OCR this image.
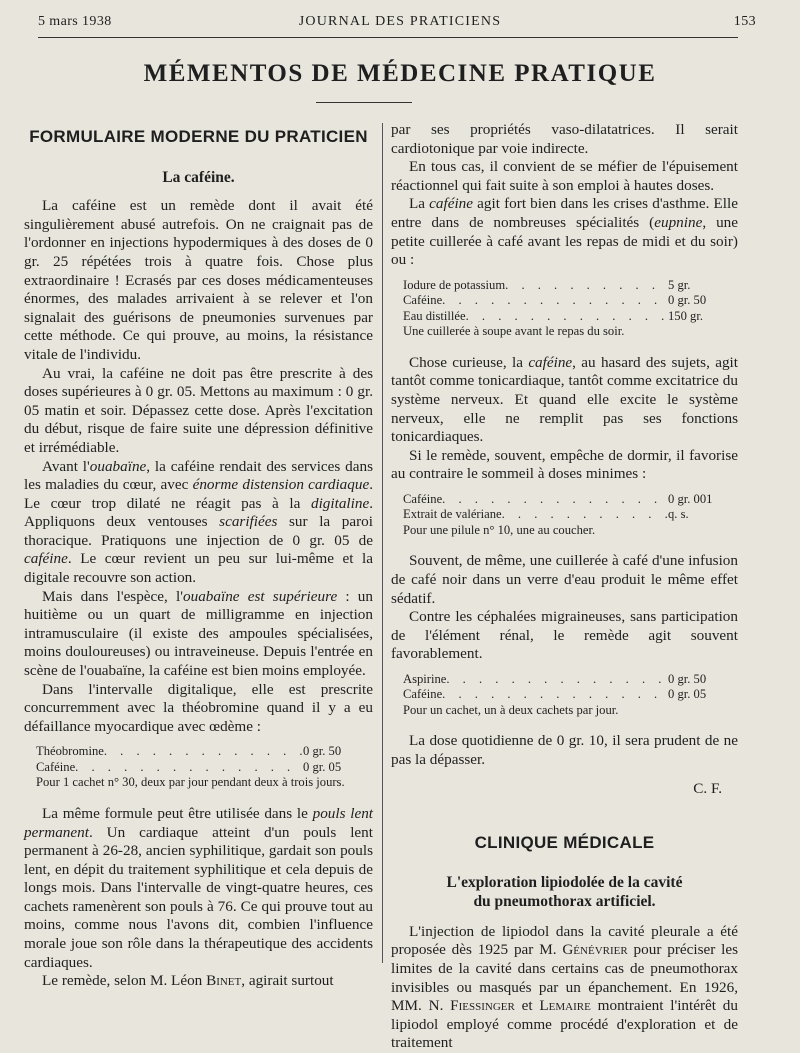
5 mars 1938	JOURNAL DES PRATICIENS	153
MÉMENTOS DE MÉDECINE PRATIQUE
FORMULAIRE MODERNE DU PRATICIEN
La caféine.

La caféine est un remède dont il avait été singulièrement abusé autrefois. On ne craignait pas de l'ordonner en injections hypodermiques à des doses de 0 gr. 25 répétées trois à quatre fois. Chose plus extraordinaire ! Ecrasés par ces doses médicamenteuses énormes, des malades arrivaient à se relever et l'on signalait des guérisons de pneumonies survenues par cette méthode. Ce qui prouve, au moins, la résistance vitale de l'individu.

Au vrai, la caféine ne doit pas être prescrite à des doses supérieures à 0 gr. 05. Mettons au maximum : 0 gr. 05 matin et soir. Dépassez cette dose. Après l'excitation du début, risque de faire suite une dépression définitive et irrémédiable.

Avant l'ouabaïne, la caféine rendait des services dans les maladies du cœur, avec énorme distension cardiaque. Le cœur trop dilaté ne réagit pas à la digitaline. Appliquons deux ventouses scarifiées sur la paroi thoracique. Pratiquons une injection de 0 gr. 05 de caféine. Le cœur revient un peu sur lui-même et la digitale recouvre son action.

Mais dans l'espèce, l'ouabaïne est supérieure : un huitième ou un quart de milligramme en injection intramusculaire (il existe des ampoules spécialisées, moins douloureuses) ou intraveineuse. Depuis l'entrée en scène de l'ouabaïne, la caféine est bien moins employée.

Dans l'intervalle digitalique, elle est prescrite concurremment avec la théobromine quand il y a eu défaillance myocardique avec œdème :

Théobromine . . .	0 gr. 50
Caféine . . .	0 gr. 05
Pour 1 cachet n° 30, deux par jour pendant deux à trois jours.

La même formule peut être utilisée dans le pouls lent permanent. Un cardiaque atteint d'un pouls lent permanent à 26-28, ancien syphilitique, gardait son pouls lent, en dépit du traitement syphilitique et cela depuis de longs mois. Dans l'intervalle de vingt-quatre heures, ces cachets ramenèrent son pouls à 76. Ce qui prouve tout au moins, comme nous l'avons dit, combien l'influence morale joue son rôle dans la thérapeutique des accidents cardiaques.

Le remède, selon M. Léon Binet, agirait surtout

par ses propriétés vaso-dilatatrices. Il serait cardiotonique par voie indirecte.

En tous cas, il convient de se méfier de l'épuisement réactionnel qui fait suite à son emploi à hautes doses.

La caféine agit fort bien dans les crises d'asthme. Elle entre dans de nombreuses spécialités (eupnine, une petite cuillerée à café avant les repas de midi et du soir) ou :

Iodure de potassium . . .	5 gr.
Caféine . . .	0 gr. 50
Eau distillée . . .	150 gr.
Une cuillerée à soupe avant le repas du soir.

Chose curieuse, la caféine, au hasard des sujets, agit tantôt comme tonicardiaque, tantôt comme excitatrice du système nerveux. Et quand elle excite le système nerveux, elle ne remplit pas ses fonctions tonicardiaques.

Si le remède, souvent, empêche de dormir, il favorise au contraire le sommeil à doses minimes :

Caféine . . .	0 gr. 001
Extrait de valériane . . .	q. s.
Pour une pilule n° 10, une au coucher.

Souvent, de même, une cuillerée à café d'une infusion de café noir dans un verre d'eau produit le même effet sédatif.

Contre les céphalées migraineuses, sans participation de l'élément rénal, le remède agit souvent favorablement.

Aspirine . . .	0 gr. 50
Caféine . . .	0 gr. 05
Pour un cachet, un à deux cachets par jour.

La dose quotidienne de 0 gr. 10, il sera prudent de ne pas la dépasser.

C. F.
CLINIQUE MÉDICALE
L'exploration lipiodolée de la cavité
du pneumothorax artificiel.

L'injection de lipiodol dans la cavité pleurale a été proposée dès 1925 par M. Génévrier pour préciser les limites de la cavité dans certains cas de pneumothorax invisibles ou masqués par un épanchement. En 1926, MM. N. Fiessinger et Lemaire montraient l'intérêt du lipiodol employé comme procédé d'exploration et de traitement
